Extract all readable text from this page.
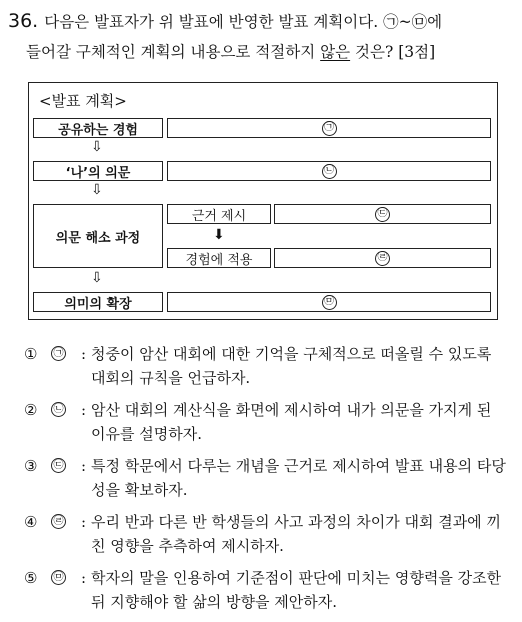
36. 다음은 발표자가 위 발표에 반영한 발표 계획이다. ㉠~㉤에
들어갈 구체적인 계획의 내용으로 적절하지 않은 것은? [3점]
<발표 계획>
공유하는 경험	㉠
⇩
‘나’의 의문	㉡
⇩
의문 해소 과정
근거 제시	㉢
⬇
경험에 적용	㉣
⇩
의미의 확장	㉤
①	㉠ : 청중이 암산 대회에 대한 기억을 구체적으로 떠올릴 수 있도록 대회의 규칙을 언급하자.
②	㉡ : 암산 대회의 계산식을 화면에 제시하여 내가 의문을 가지게 된 이유를 설명하자.
③	㉢ : 특정 학문에서 다루는 개념을 근거로 제시하여 발표 내용의 타당성을 확보하자.
④	㉣ : 우리 반과 다른 반 학생들의 사고 과정의 차이가 대회 결과에 끼친 영향을 추측하여 제시하자.
⑤	㉤ : 학자의 말을 인용하여 기준점이 판단에 미치는 영향력을 강조한 뒤 지향해야 할 삶의 방향을 제안하자.
